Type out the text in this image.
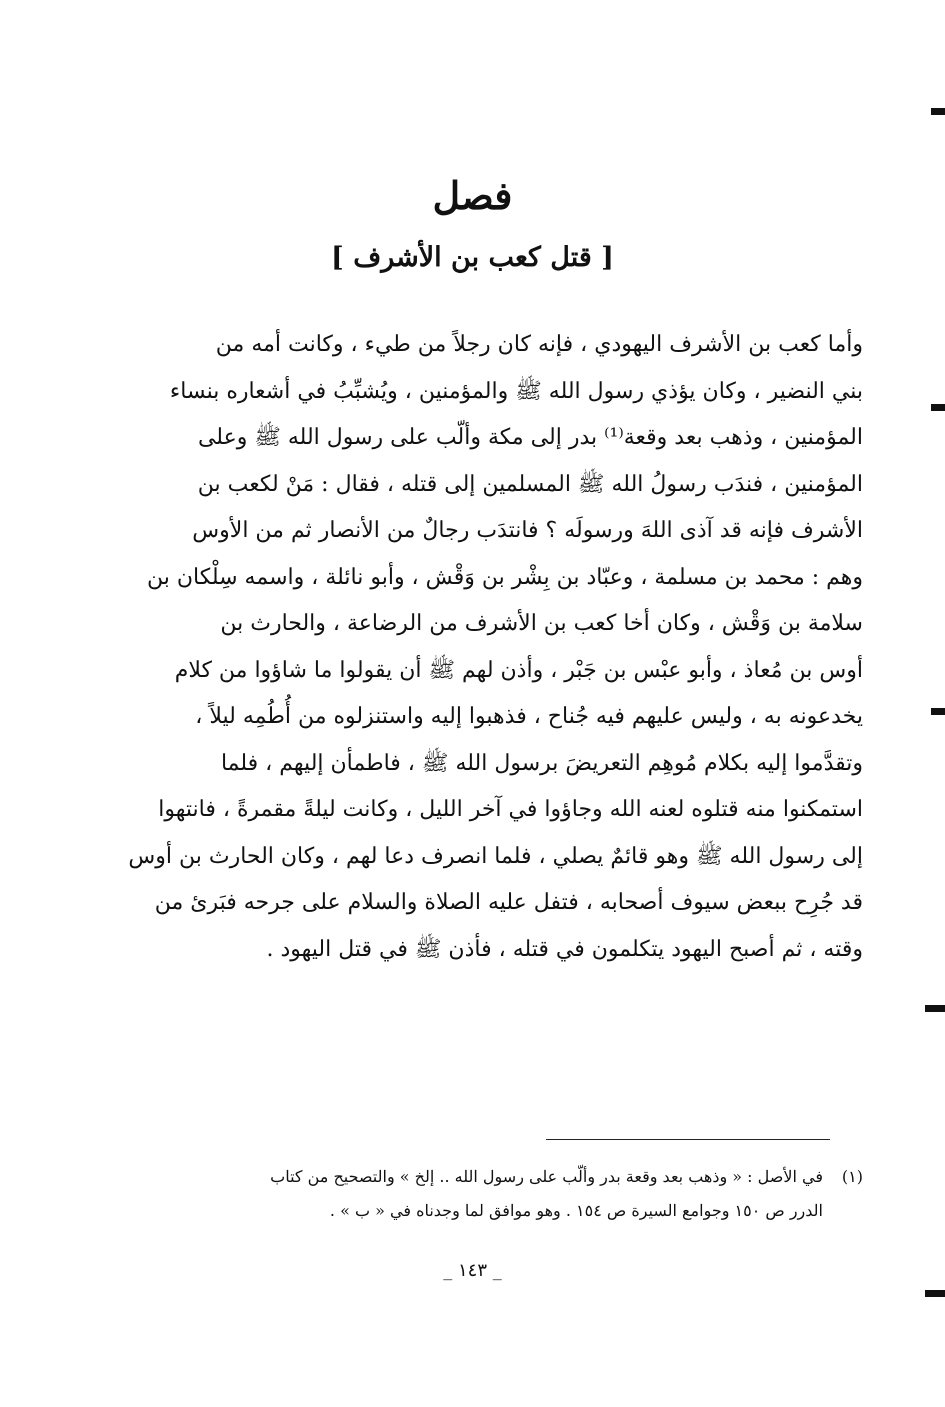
فصل
[ قتل كعب بن الأشرف ]
وأما كعب بن الأشرف اليهودي ، فإنه كان رجلاً من طيء ، وكانت أمه من
بني النضير ، وكان يؤذي رسول الله ﷺ والمؤمنين ، ويُشبِّبُ في أشعاره بنساء
المؤمنين ، وذهب بعد وقعة⁽¹⁾ بدر إلى مكة وألّب على رسول الله ﷺ وعلى
المؤمنين ، فندَب رسولُ الله ﷺ المسلمين إلى قتله ، فقال : مَنْ لكعب بن
الأشرف فإنه قد آذى اللهَ ورسولَه ؟ فانتدَب رجالٌ من الأنصار ثم من الأوس
وهم : محمد بن مسلمة ، وعبّاد بن بِشْر بن وَقْش ، وأبو نائلة ، واسمه سِلْكان بن
سلامة بن وَقْش ، وكان أخا كعب بن الأشرف من الرضاعة ، والحارث بن
أوس بن مُعاذ ، وأبو عبْس بن جَبْر ، وأذن لهم ﷺ أن يقولوا ما شاؤوا من كلام
يخدعونه به ، وليس عليهم فيه جُناح ، فذهبوا إليه واستنزلوه من أُطُمِه ليلاً ،
وتقدَّموا إليه بكلام مُوهِم التعريضَ برسول الله ﷺ ، فاطمأن إليهم ، فلما
استمكنوا منه قتلوه لعنه الله وجاؤوا في آخر الليل ، وكانت ليلةً مقمرةً ، فانتهوا
إلى رسول الله ﷺ وهو قائمٌ يصلي ، فلما انصرف دعا لهم ، وكان الحارث بن أوس
قد جُرِح ببعض سيوف أصحابه ، فتفل عليه الصلاة والسلام على جرحه فبَرئ من
وقته ، ثم أصبح اليهود يتكلمون في قتله ، فأذن ﷺ في قتل اليهود .
(١)في الأصل : « وذهب بعد وقعة بدر وألّب على رسول الله .. إلخ » والتصحيح من كتاب
الدرر ص ١٥٠ وجوامع السيرة ص ١٥٤ . وهو موافق لما وجدناه في « ب » .
_ ١٤٣ _
